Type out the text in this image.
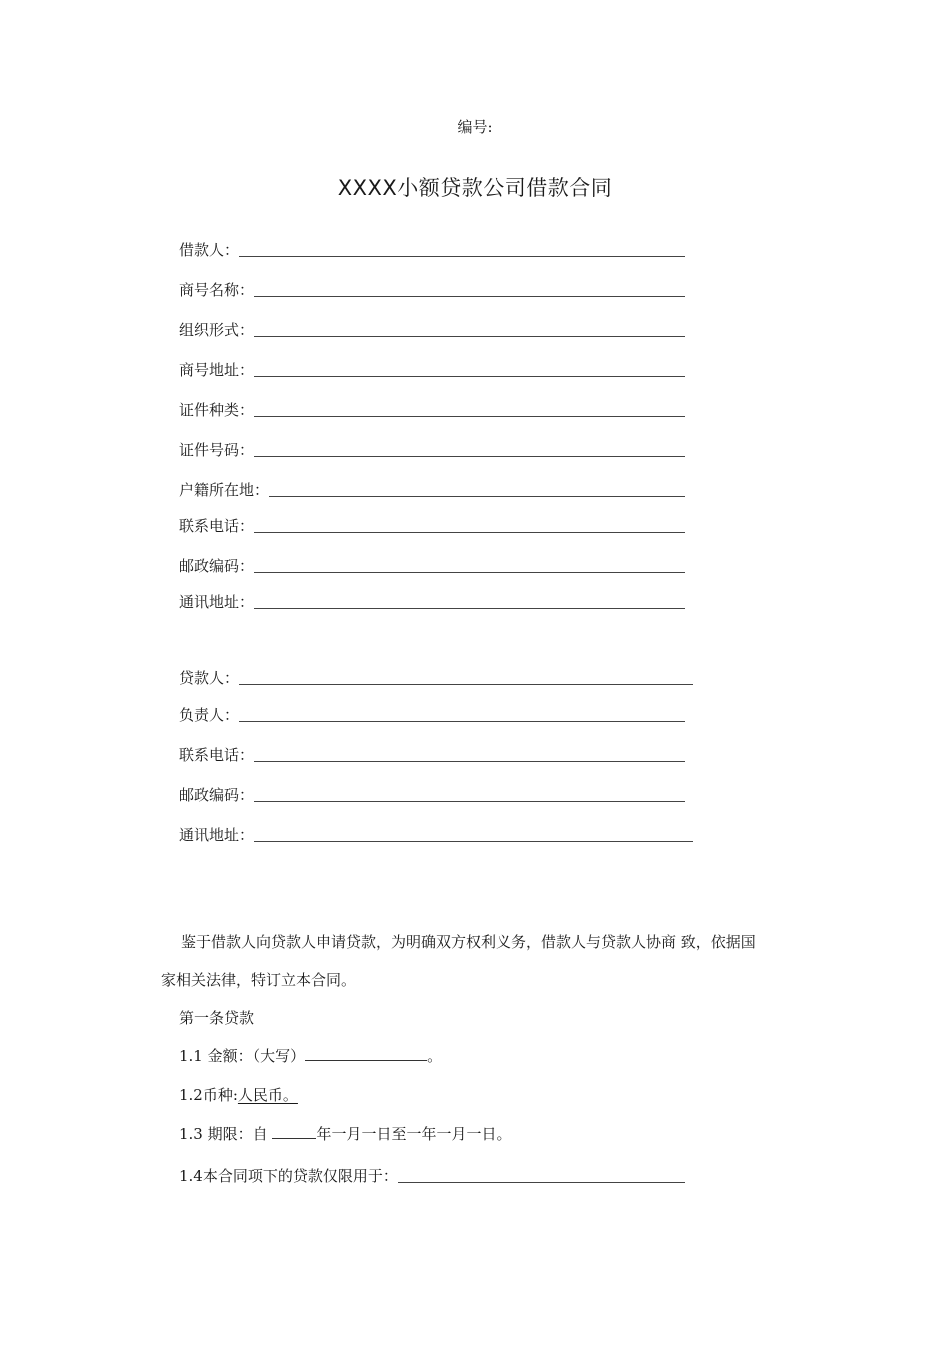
编号:
XXXX小额贷款公司借款合同
借款人：
商号名称：
组织形式：
商号地址：
证件种类：
证件号码：
户籍所在地：
联系电话：
邮政编码：
通讯地址：
贷款人：
负责人：
联系电话：
邮政编码：
通讯地址：
鉴于借款人向贷款人申请贷款，为明确双方权利义务，借款人与贷款人协商 致，依据国
家相关法律，特订立本合同。
第一条贷款
1.1 金额：（大写）	。
1.2币种:人民币。
1.3 期限：自	年一月一日至一年一月一日。
1.4本合同项下的贷款仅限用于：
